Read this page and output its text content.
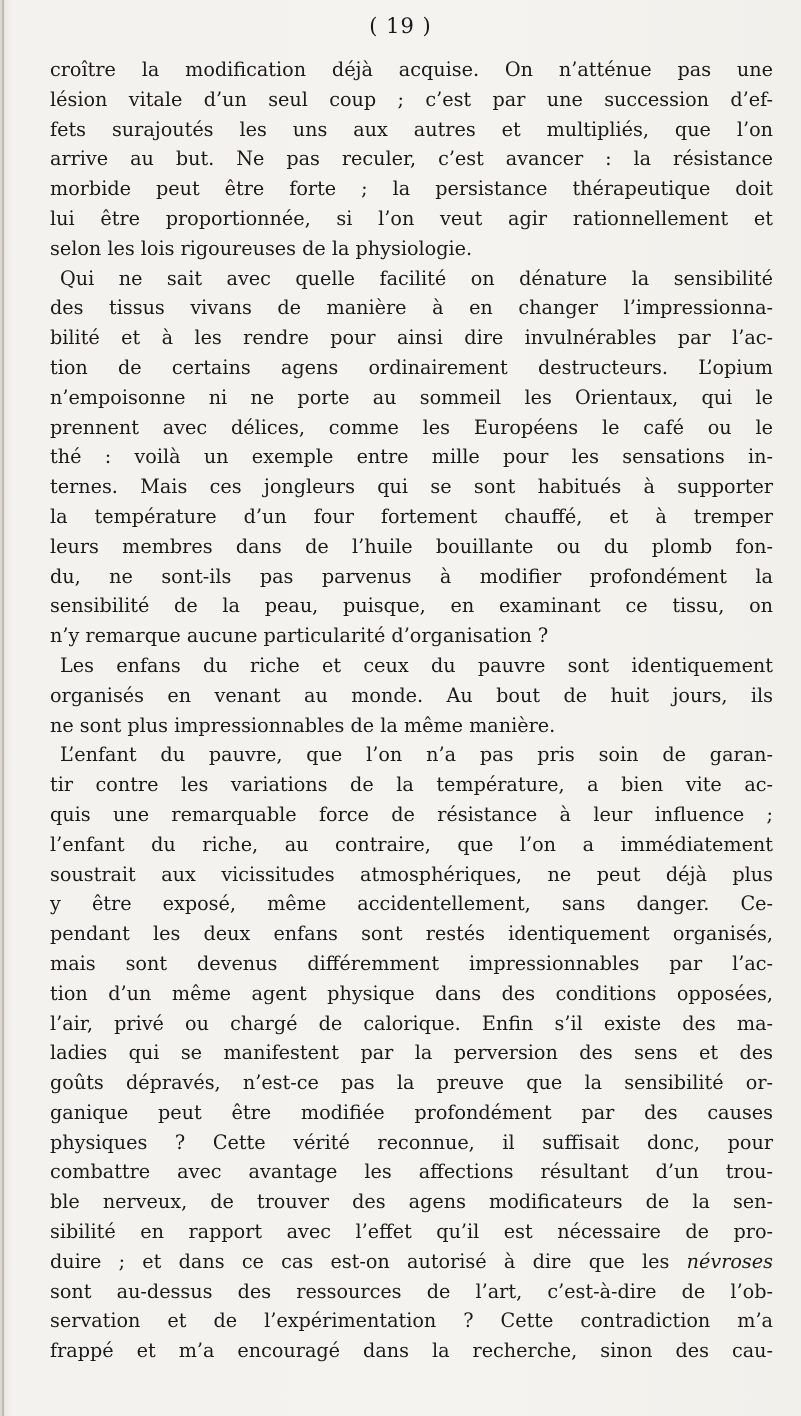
( 19 )
croître la modification déjà acquise. On n’atténue pas une
lésion vitale d’un seul coup ; c’est par une succession d’ef-
fets surajoutés les uns aux autres et multipliés, que l’on
arrive au but. Ne pas reculer, c’est avancer : la résistance
morbide peut être forte ; la persistance thérapeutique doit
lui être proportionnée, si l’on veut agir rationnellement et
selon les lois rigoureuses de la physiologie.
Qui ne sait avec quelle facilité on dénature la sensibilité
des tissus vivans de manière à en changer l’impressionna-
bilité et à les rendre pour ainsi dire invulnérables par l’ac-
tion de certains agens ordinairement destructeurs. L’opium
n’empoisonne ni ne porte au sommeil les Orientaux, qui le
prennent avec délices, comme les Européens le café ou le
thé : voilà un exemple entre mille pour les sensations in-
ternes. Mais ces jongleurs qui se sont habitués à supporter
la température d’un four fortement chauffé, et à tremper
leurs membres dans de l’huile bouillante ou du plomb fon-
du, ne sont-ils pas parvenus à modifier profondément la
sensibilité de la peau, puisque, en examinant ce tissu, on
n’y remarque aucune particularité d’organisation ?
Les enfans du riche et ceux du pauvre sont identiquement
organisés en venant au monde. Au bout de huit jours, ils
ne sont plus impressionnables de la même manière.
L’enfant du pauvre, que l’on n’a pas pris soin de garan-
tir contre les variations de la température, a bien vite ac-
quis une remarquable force de résistance à leur influence ;
l’enfant du riche, au contraire, que l’on a immédiatement
soustrait aux vicissitudes atmosphériques, ne peut déjà plus
y être exposé, même accidentellement, sans danger. Ce-
pendant les deux enfans sont restés identiquement organisés,
mais sont devenus différemment impressionnables par l’ac-
tion d’un même agent physique dans des conditions opposées,
l’air, privé ou chargé de calorique. Enfin s’il existe des ma-
ladies qui se manifestent par la perversion des sens et des
goûts dépravés, n’est-ce pas la preuve que la sensibilité or-
ganique peut être modifiée profondément par des causes
physiques ? Cette vérité reconnue, il suffisait donc, pour
combattre avec avantage les affections résultant d’un trou-
ble nerveux, de trouver des agens modificateurs de la sen-
sibilité en rapport avec l’effet qu’il est nécessaire de pro-
duire ; et dans ce cas est-on autorisé à dire que les névroses
sont au-dessus des ressources de l’art, c’est-à-dire de l’ob-
servation et de l’expérimentation ? Cette contradiction m’a
frappé et m’a encouragé dans la recherche, sinon des cau-
